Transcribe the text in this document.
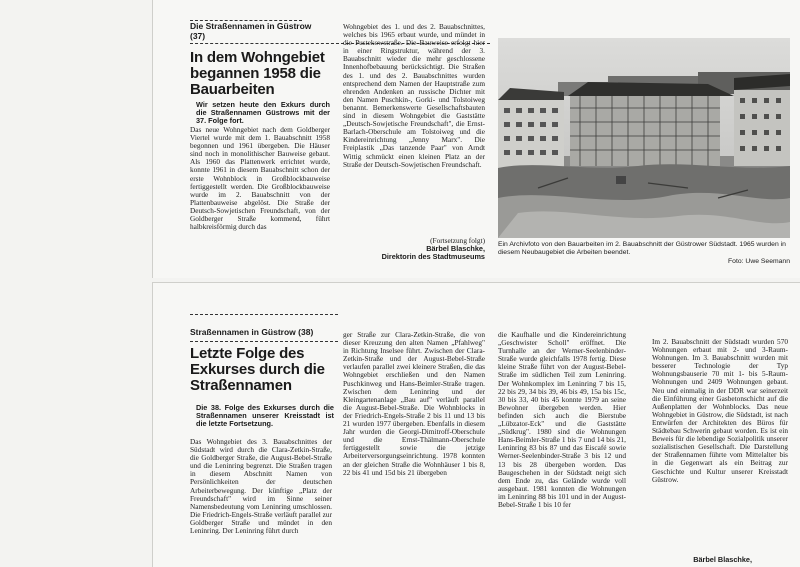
Die Straßennamen in Güstrow (37)
In dem Wohngebiet begannen 1958 die Bauarbeiten
Wir setzen heute den Exkurs durch die Straßennamen Güstrows mit der 37. Folge fort.
Das neue Wohngebiet nach dem Goldberger Viertel wurde mit dem 1. Bauabschnitt 1958 begonnen und 1961 übergeben. Die Häuser sind noch in monolithischer Bauweise gebaut. Als 1960 das Plattenwerk errichtet wurde, konnte 1961 in diesem Bauabschnitt schon der erste Wohnblock in Großblockbauweise fertiggestellt werden. Die Großblockbauweise wurde im 2. Bauabschnitt von der Plattenbauweise abgelöst. Die Straße der Deutsch-Sowjetischen Freundschaft, von der Goldberger Straße kommend, führt halbkreisförmig durch das
Wohngebiet des 1. und des 2. Bauabschnittes, welches bis 1965 erbaut wurde, und mündet in die Pustekowstraße. Die Bauweise erfolgt hier in einer Ringstruktur, während der 3. Bauabschnitt wieder die mehr geschlossene Innenhofbebauung berücksichtigt. Die Straßen des 1. und des 2. Bauabschnittes wurden entsprechend dem Namen der Hauptstraße zum ehrenden Andenken an russische Dichter mit den Namen Puschkin-, Gorki- und Tolstoiweg benannt. Bemerkenswerte Gesellschaftsbauten sind in diesem Wohngebiet die Gaststätte „Deutsch-Sowjetische Freundschaft", die Ernst-Barlach-Oberschule am Tolstoiweg und die Kindereinrichtung „Jenny Marx". Die Freiplastik „Das tanzende Paar" von Arndt Wittig schmückt einen kleinen Platz an der Straße der Deutsch-Sowjetischen Freundschaft.
(Fortsetzung folgt)
Bärbel Blaschke,
Direktorin des Stadtmuseums
Ein Archivfoto von den Bauarbeiten im 2. Bauabschnitt der Güstrower Südstadt. 1965 wurden in diesem Neubaugebiet die Arbeiten beendet.
Foto: Uwe Seemann
Straßennamen in Güstrow (38)
Letzte Folge des Exkurses durch die Straßennamen
Die 38. Folge des Exkurses durch die Straßennamen unserer Kreisstadt ist die letzte Fortsetzung.
Das Wohngebiet des 3. Bauabschnittes der Südstadt wird durch die Clara-Zetkin-Straße, die Goldberger Straße, die August-Bebel-Straße und die Leninring begrenzt. Die Straßen tragen in diesem Abschnitt Namen von Persönlichkeiten der deutschen Arbeiterbewegung. Der künftige „Platz der Freundschaft" wird im Sinne seiner Namensbedeutung vom Leninring umschlossen. Die Friedrich-Engels-Straße verläuft parallel zur Goldberger Straße und mündet in den Leninring. Der Leninring führt durch
ger Straße zur Clara-Zetkin-Straße, die von dieser Kreuzung den alten Namen „Pfahlweg" in Richtung Inselsee führt. Zwischen der Clara-Zetkin-Straße und der August-Bebel-Straße verlaufen parallel zwei kleinere Straßen, die das Wohngebiet erschließen und den Namen Puschkinweg und Hans-Beimler-Straße tragen. Zwischen dem Leninring und der Kleingartenanlage „Bau auf" verläuft parallel die August-Bebel-Straße. Die Wohnblocks in der Friedrich-Engels-Straße 2 bis 11 und 13 bis 21 wurden 1977 übergeben. Ebenfalls in diesem Jahr wurden die Georgi-Dimitroff-Oberschule und die Ernst-Thälmann-Oberschule fertiggestellt sowie die jetzige Arbeiterversorgungseinrichtung. 1978 konnten an der gleichen Straße die Wohnhäuser 1 bis 8, 22 bis 41 und 15d bis 21 übergeben
die Kaufhalle und die Kindereinrichtung „Geschwister Scholl" eröffnet. Die Turnhalle an der Werner-Seelenbinder-Straße wurde gleichfalls 1978 fertig. Diese kleine Straße führt von der August-Bebel-Straße im südlichen Teil zum Leninring. Der Wohnkomplex im Leninring 7 bis 15, 22 bis 29, 34 bis 39, 46 bis 49, 15a bis 15c, 30 bis 33, 40 bis 45 konnte 1979 an seine Bewohner übergeben werden. Hier befinden sich auch die Bierstube „Lübzator-Eck" und die Gaststätte „Südkrug". 1980 sind die Wohnungen Hans-Beimler-Straße 1 bis 7 und 14 bis 21, Leninring 83 bis 87 und das Eiscafé sowie Werner-Seelenbinder-Straße 3 bis 12 und 13 bis 28 übergeben worden. Das Baugeschehen in der Südstadt neigt sich dem Ende zu, das Gelände wurde voll ausgebaut. 1981 konnten die Wohnungen im Leninring 88 bis 101 und in der August-Bebel-Straße 1 bis 10 fer
Im 2. Bauabschnitt der Südstadt wurden 570 Wohnungen erbaut mit 2- und 3-Raum-Wohnungen. Im 3. Bauabschnitt wurden mit besserer Technologie der Typ Wohnungsbauserie 70 mit 1- bis 5-Raum-Wohnungen und 2409 Wohnungen gebaut. Neu und einmalig in der DDR war seinerzeit die Einführung einer Gasbetonschicht auf die Außenplatten der Wohnblocks. Das neue Wohngebiet in Güstrow, die Südstadt, ist nach Entwürfen der Architekten des Büros für Städtebau Schwerin gebaut worden. Es ist ein Beweis für die lebendige Sozialpolitik unserer sozialistischen Gesellschaft. Die Darstellung der Straßennamen führte vom Mittelalter bis in die Gegenwart als ein Beitrag zur Geschichte und Kultur unserer Kreisstadt Güstrow.
Bärbel Blaschke,
